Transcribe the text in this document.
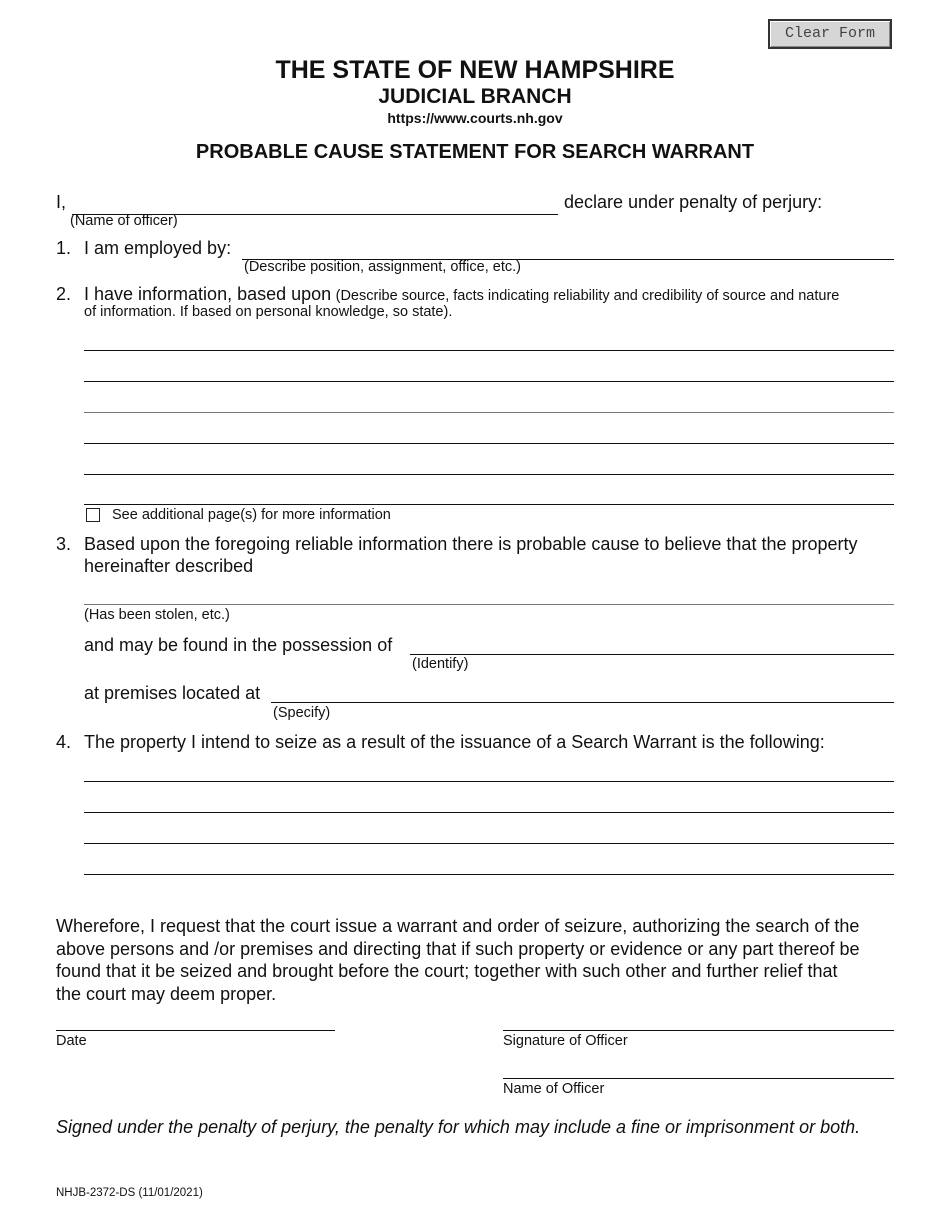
Clear Form
THE STATE OF NEW HAMPSHIRE
JUDICIAL BRANCH
https://www.courts.nh.gov
PROBABLE CAUSE STATEMENT FOR SEARCH WARRANT
I,	declare under penalty of perjury:
(Name of officer)
1. I am employed by:
(Describe position, assignment, office, etc.)
2. I have information, based upon (Describe source, facts indicating reliability and credibility of source and nature
of information. If based on personal knowledge, so state).
See additional page(s) for more information
3. Based upon the foregoing reliable information there is probable cause to believe that the property
hereinafter described
(Has been stolen, etc.)
and may be found in the possession of
(Identify)
at premises located at
(Specify)
4. The property I intend to seize as a result of the issuance of a Search Warrant is the following:
Wherefore, I request that the court issue a warrant and order of seizure, authorizing the search of the
above persons and /or premises and directing that if such property or evidence or any part thereof be
found that it be seized and brought before the court; together with such other and further relief that
the court may deem proper.
Date	Signature of Officer
Name of Officer
Signed under the penalty of perjury, the penalty for which may include a fine or imprisonment or both.
NHJB-2372-DS (11/01/2021)
